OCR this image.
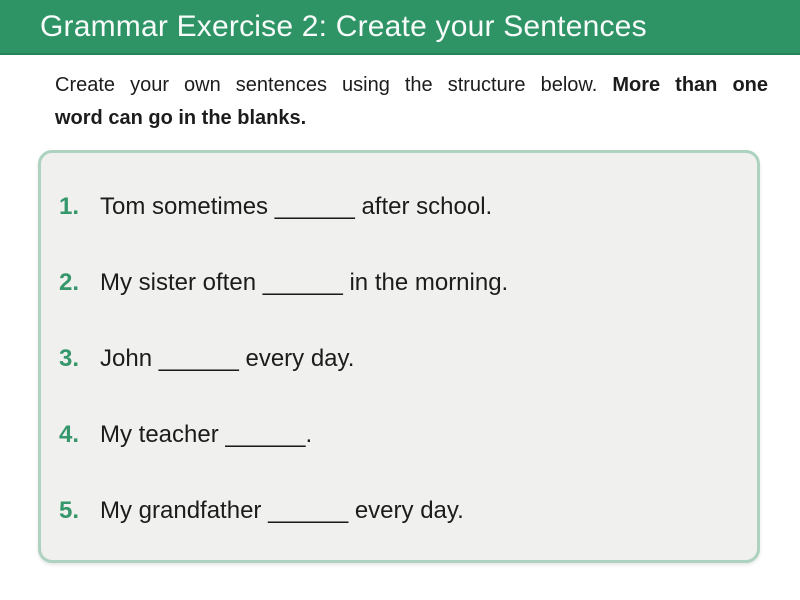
Grammar Exercise 2: Create your Sentences
Create your own sentences using the structure below. More than one
word can go in the blanks.
1. Tom sometimes ______ after school.
2. My sister often ______ in the morning.
3. John ______ every day.
4. My teacher ______.
5. My grandfather ______ every day.
